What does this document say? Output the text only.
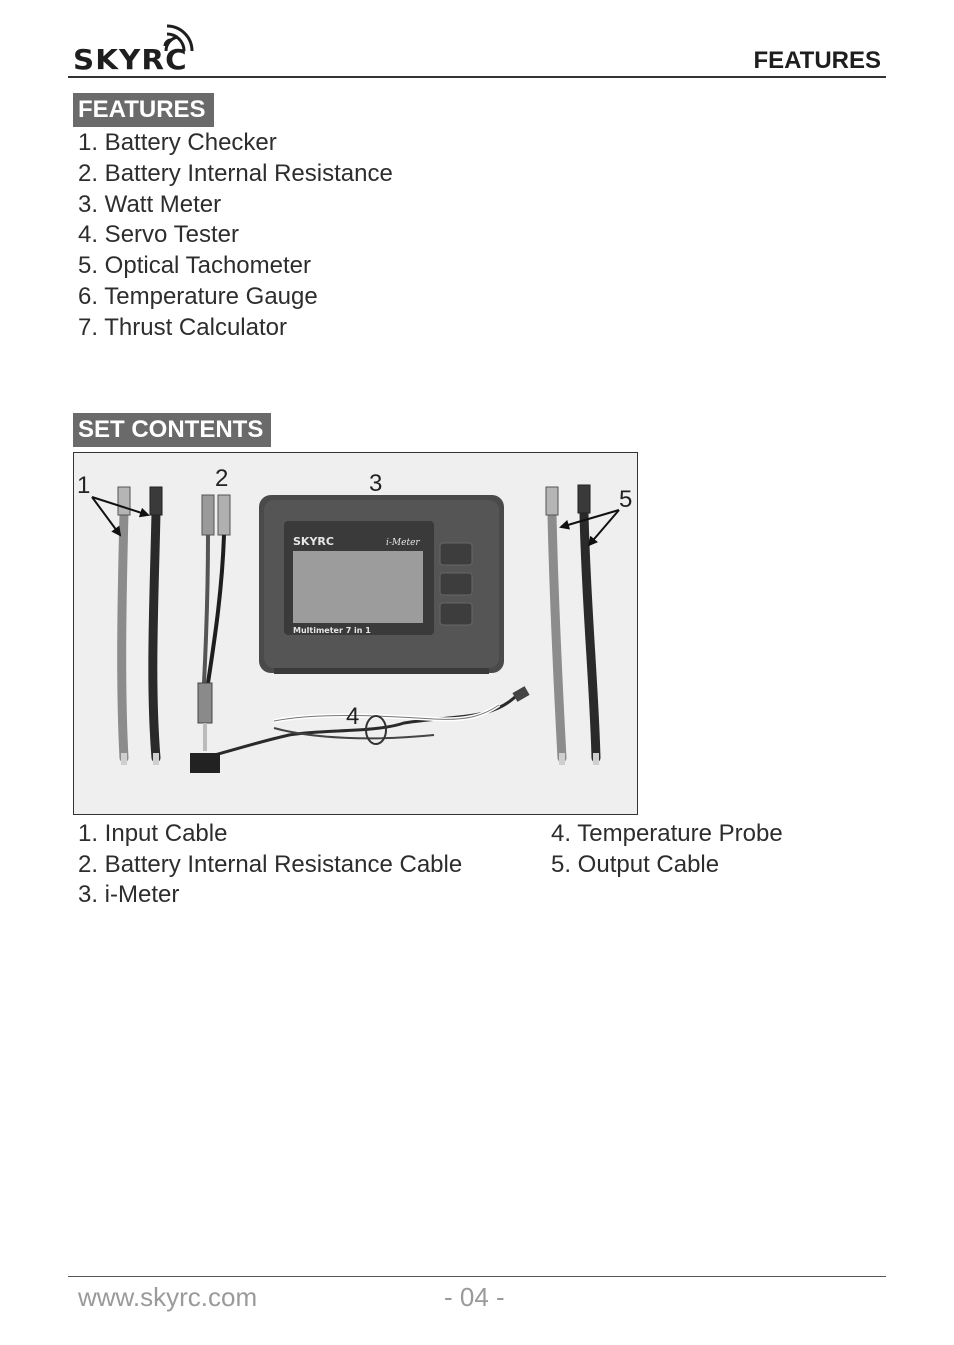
SKYRC	FEATURES
FEATURES
1. Battery Checker
2. Battery Internal Resistance
3. Watt Meter
4. Servo Tester
5. Optical Tachometer
6. Temperature Gauge
7. Thrust Calculator
SET CONTENTS
SKYRC	i-Meter
Multimeter 7 in 1
1	2	3
4
5
1. Input Cable
2. Battery Internal Resistance Cable
3. i-Meter
4. Temperature Probe
5. Output Cable
www.skyrc.com	- 04 -
